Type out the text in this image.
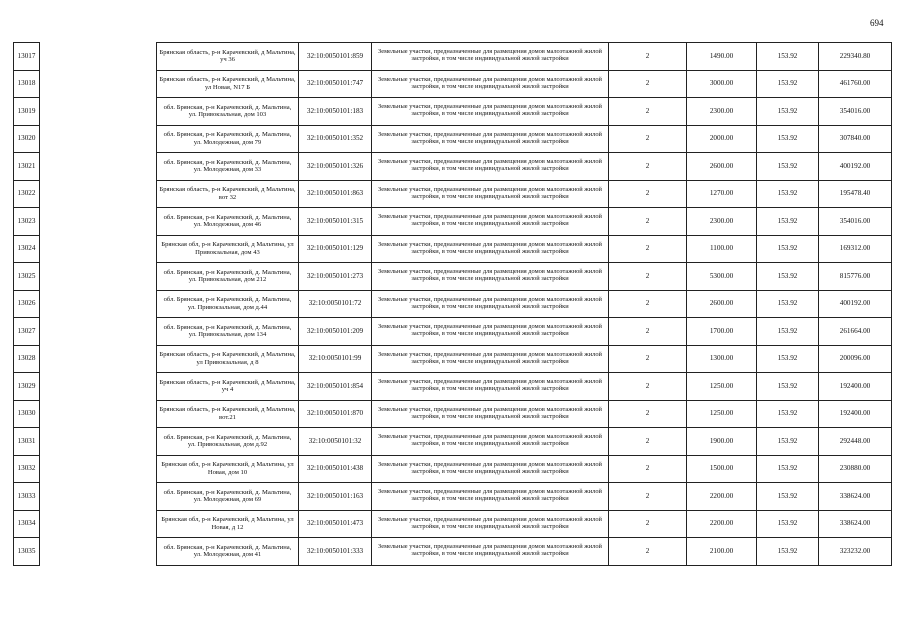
694
13017		Брянская область, р-н Карачевский, д Мальтина, уч 36	32:10:0050101:859	Земельные участки, предназначенные для размещения домов малоэтажной жилой застройки, в том числе индивидуальной жилой застройки	2	1490.00	153.92	229340.80
13018		Брянская область, р-н Карачевский, д Мальтина, ул Новая, N17 Б	32:10:0050101:747	Земельные участки, предназначенные для размещения домов малоэтажной жилой застройки, в том числе индивидуальной жилой застройки	2	3000.00	153.92	461760.00
13019		обл. Брянская, р-н Карачевский, д. Мальтина, ул. Привокзальная, дом 103	32:10:0050101:183	Земельные участки, предназначенные для размещения домов малоэтажной жилой застройки, в том числе индивидуальной жилой застройки	2	2300.00	153.92	354016.00
13020		обл. Брянская, р-н Карачевский, д. Мальтина, ул. Молодежная, дом 79	32:10:0050101:352	Земельные участки, предназначенные для размещения домов малоэтажной жилой застройки, в том числе индивидуальной жилой застройки	2	2000.00	153.92	307840.00
13021		обл. Брянская, р-н Карачевский, д. Мальтина, ул. Молодежная, дом 33	32:10:0050101:326	Земельные участки, предназначенные для размещения домов малоэтажной жилой застройки, в том числе индивидуальной жилой застройки	2	2600.00	153.92	400192.00
13022		Брянская область, р-н Карачевский, д Мальтина, вот 32	32:10:0050101:863	Земельные участки, предназначенные для размещения домов малоэтажной жилой застройки, в том числе индивидуальной жилой застройки	2	1270.00	153.92	195478.40
13023		обл. Брянская, р-н Карачевский, д. Мальтина, ул. Молодежная, дом 46	32:10:0050101:315	Земельные участки, предназначенные для размещения домов малоэтажной жилой застройки, в том числе индивидуальной жилой застройки	2	2300.00	153.92	354016.00
13024		Брянская обл, р-н Карачевский, д Мальтина, ул Привокзальная, дом 43	32:10:0050101:129	Земельные участки, предназначенные для размещения домов малоэтажной жилой застройки, в том числе индивидуальной жилой застройки	2	1100.00	153.92	169312.00
13025		обл. Брянская, р-н Карачевский, д. Мальтина, ул. Привокзальная, дом 212	32:10:0050101:273	Земельные участки, предназначенные для размещения домов малоэтажной жилой застройки, в том числе индивидуальной жилой застройки	2	5300.00	153.92	815776.00
13026		обл. Брянская, р-н Карачевский, д. Мальтина, ул. Привокзальная, дом д.44	32:10:0050101:72	Земельные участки, предназначенные для размещения домов малоэтажной жилой застройки, в том числе индивидуальной жилой застройки	2	2600.00	153.92	400192.00
13027		обл. Брянская, р-н Карачевский, д. Мальтина, ул. Привокзальная, дом 134	32:10:0050101:209	Земельные участки, предназначенные для размещения домов малоэтажной жилой застройки, в том числе индивидуальной жилой застройки	2	1700.00	153.92	261664.00
13028		Брянская область, р-н Карачевский, д Мальтина, ул Привокзальная, д 8	32:10:0050101:99	Земельные участки, предназначенные для размещения домов малоэтажной жилой застройки, в том числе индивидуальной жилой застройки	2	1300.00	153.92	200096.00
13029		Брянская область, р-н Карачевский, д Мальтина, уч 4	32:10:0050101:854	Земельные участки, предназначенные для размещения домов малоэтажной жилой застройки, в том числе индивидуальной жилой застройки	2	1250.00	153.92	192400.00
13030		Брянская область, р-н Карачевский, д Мальтина, вот.21	32:10:0050101:870	Земельные участки, предназначенные для размещения домов малоэтажной жилой застройки, в том числе индивидуальной жилой застройки	2	1250.00	153.92	192400.00
13031		обл. Брянская, р-н Карачевский, д. Мальтина, ул. Привокзальная, дом д.92	32:10:0050101:32	Земельные участки, предназначенные для размещения домов малоэтажной жилой застройки, в том числе индивидуальной жилой застройки	2	1900.00	153.92	292448.00
13032		Брянская обл, р-н Карачевский, д Мальтина, ул Новая, дом 10	32:10:0050101:438	Земельные участки, предназначенные для размещения домов малоэтажной жилой застройки, в том числе индивидуальной жилой застройки	2	1500.00	153.92	230880.00
13033		обл. Брянская, р-н Карачевский, д. Мальтина, ул. Молодежная, дом 69	32:10:0050101:163	Земельные участки, предназначенные для размещения домов малоэтажной жилой застройки, в том числе индивидуальной жилой застройки	2	2200.00	153.92	338624.00
13034		Брянская обл, р-н Карачевский, д Мальтина, ул Новая, д 12	32:10:0050101:473	Земельные участки, предназначенные для размещения домов малоэтажной жилой застройки, в том числе индивидуальной жилой застройки	2	2200.00	153.92	338624.00
13035		обл. Брянская, р-н Карачевский, д. Мальтина, ул. Молодежная, дом 41	32:10:0050101:333	Земельные участки, предназначенные для размещения домов малоэтажной жилой застройки, в том числе индивидуальной жилой застройки	2	2100.00	153.92	323232.00
